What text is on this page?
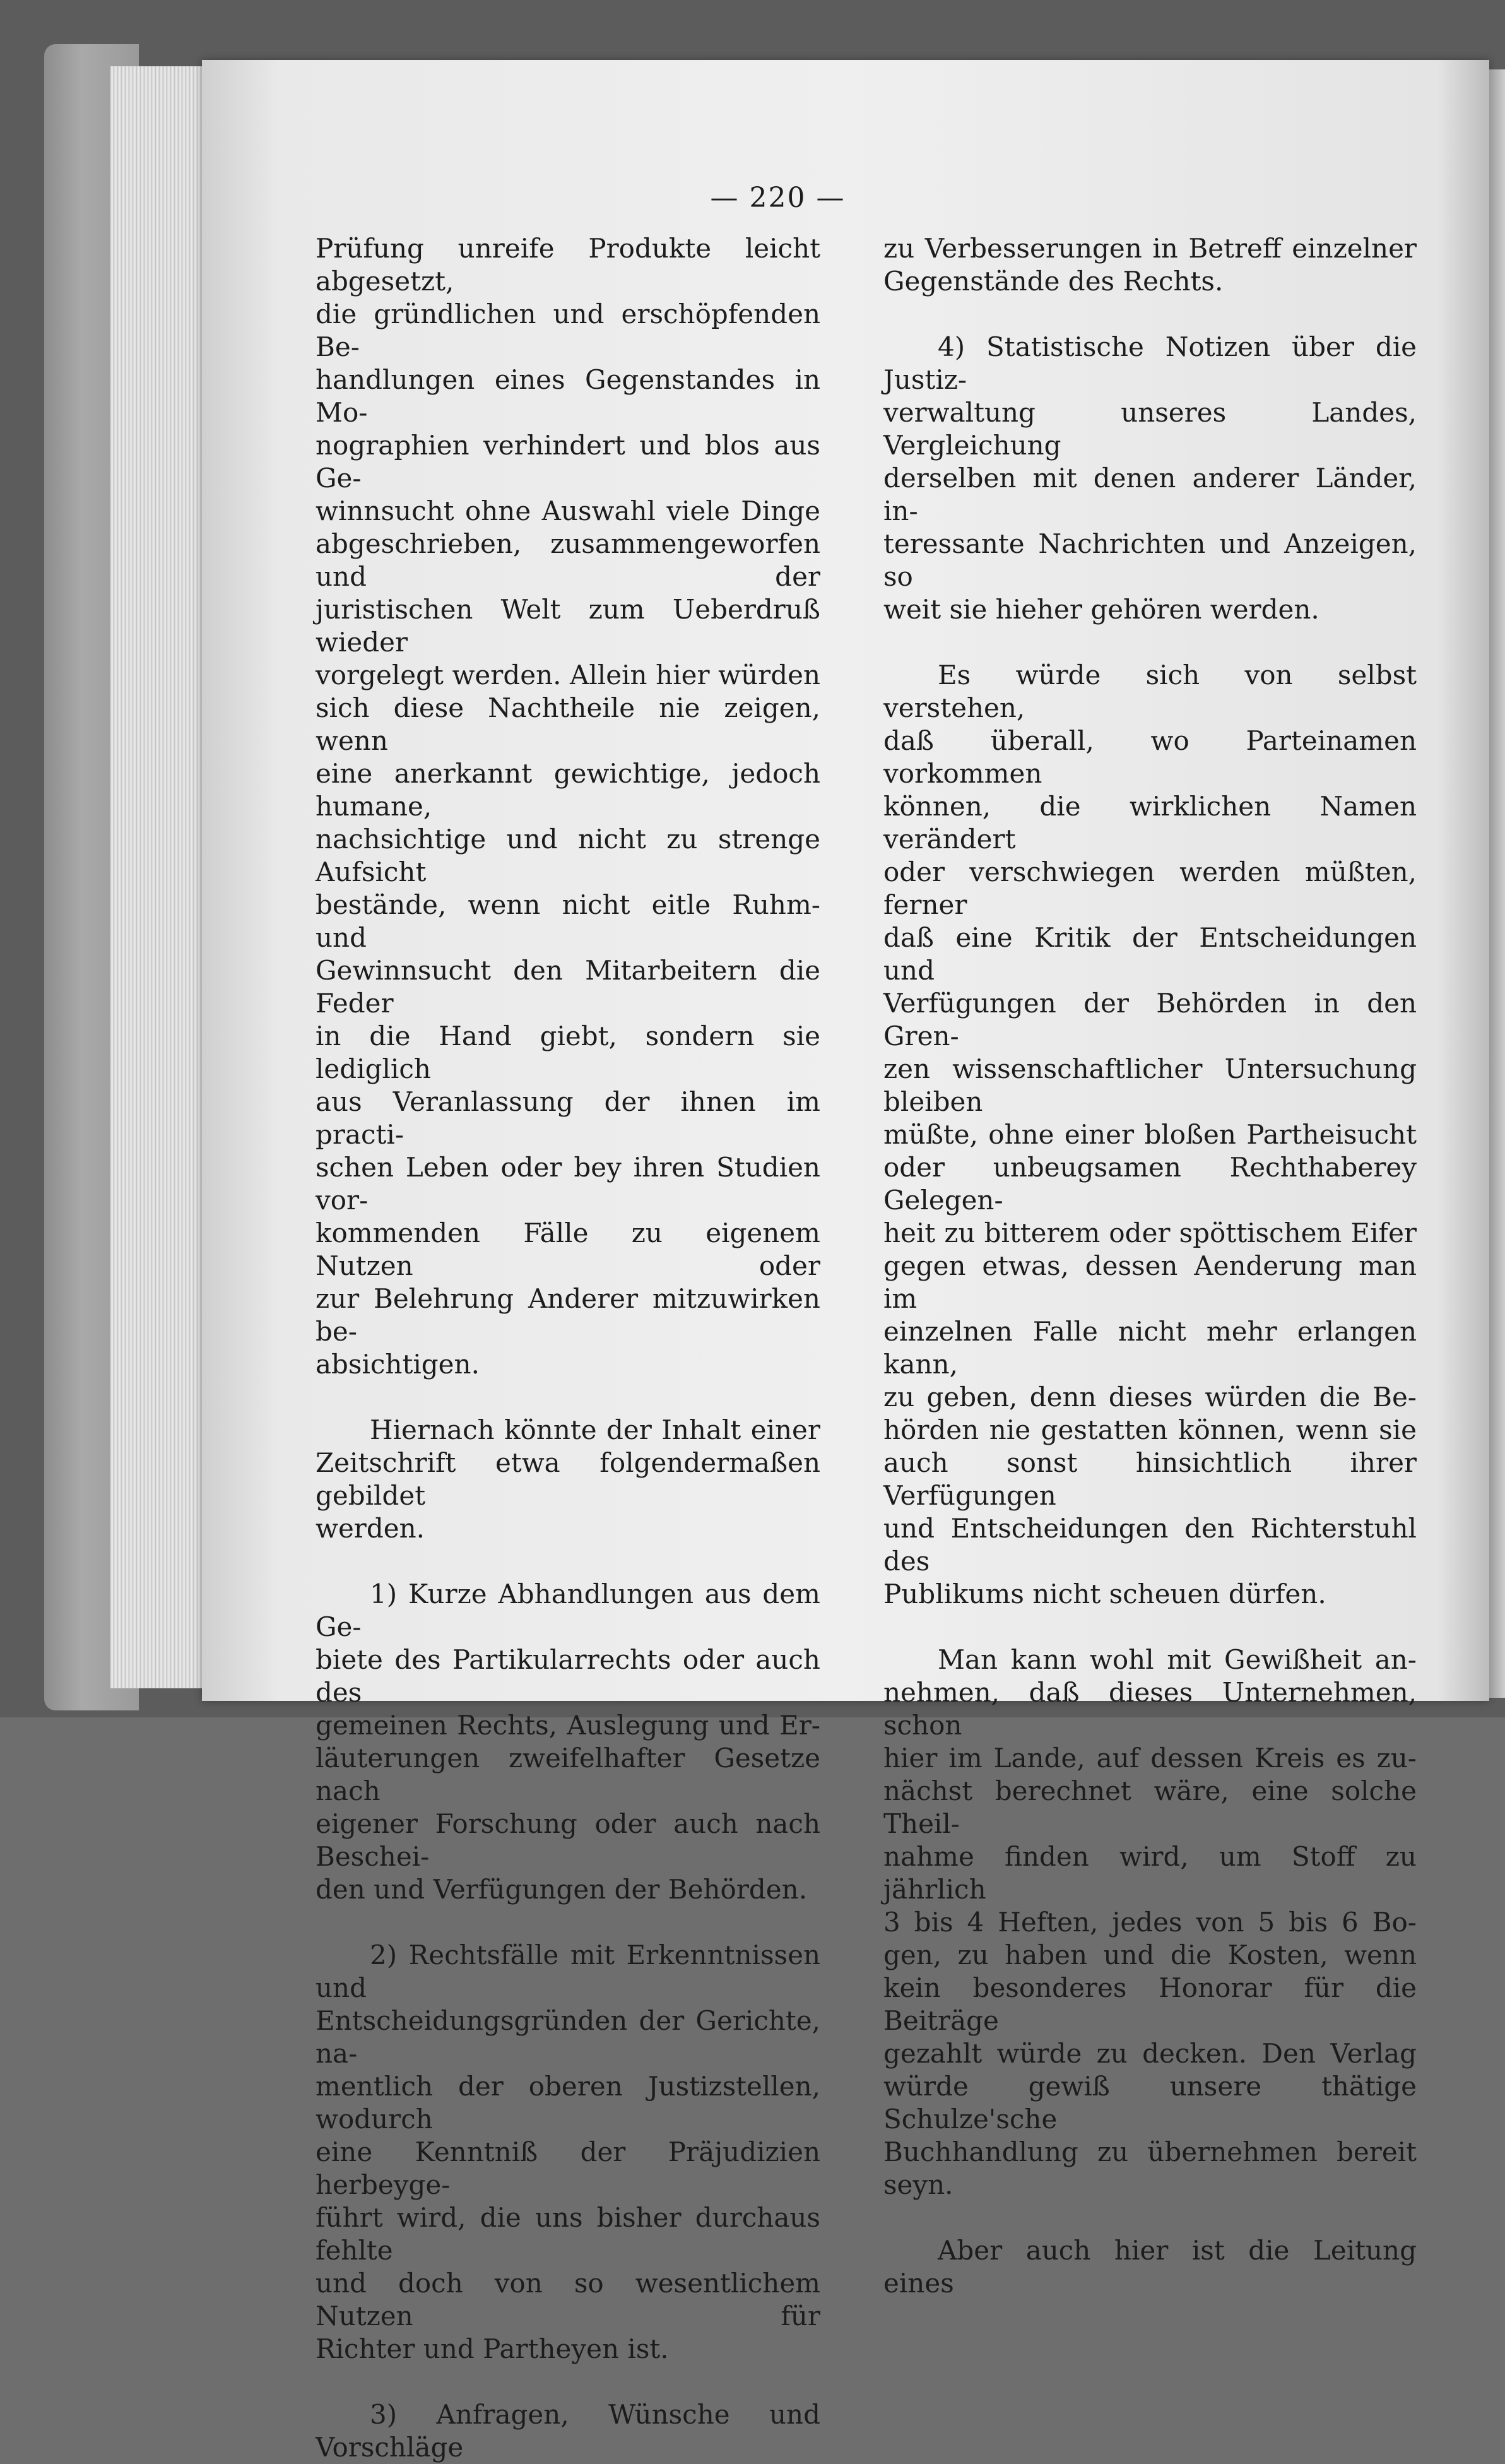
— 220 —

Prüfung unreife Produkte leicht abgesetzt,
die gründlichen und erschöpfenden Be-
handlungen eines Gegenstandes in Mo-
nographien verhindert und blos aus Ge-
winnsucht ohne Auswahl viele Dinge
abgeschrieben, zusammengeworfen und der
juristischen Welt zum Ueberdruß wieder
vorgelegt werden. Allein hier würden
sich diese Nachtheile nie zeigen, wenn
eine anerkannt gewichtige, jedoch humane,
nachsichtige und nicht zu strenge Aufsicht
bestände, wenn nicht eitle Ruhm- und
Gewinnsucht den Mitarbeitern die Feder
in die Hand giebt, sondern sie lediglich
aus Veranlassung der ihnen im practi-
schen Leben oder bey ihren Studien vor-
kommenden Fälle zu eigenem Nutzen oder
zur Belehrung Anderer mitzuwirken be-
absichtigen.

Hiernach könnte der Inhalt einer
Zeitschrift etwa folgendermaßen gebildet
werden.

1) Kurze Abhandlungen aus dem Ge-
biete des Partikularrechts oder auch des
gemeinen Rechts, Auslegung und Er-
läuterungen zweifelhafter Gesetze nach
eigener Forschung oder auch nach Beschei-
den und Verfügungen der Behörden.

2) Rechtsfälle mit Erkenntnissen und
Entscheidungsgründen der Gerichte, na-
mentlich der oberen Justizstellen, wodurch
eine Kenntniß der Präjudizien herbeyge-
führt wird, die uns bisher durchaus fehlte
und doch von so wesentlichem Nutzen für
Richter und Partheyen ist.

3) Anfragen, Wünsche und Vorschläge

zu Verbesserungen in Betreff einzelner
Gegenstände des Rechts.

4) Statistische Notizen über die Justiz-
verwaltung unseres Landes, Vergleichung
derselben mit denen anderer Länder, in-
teressante Nachrichten und Anzeigen, so
weit sie hieher gehören werden.

Es würde sich von selbst verstehen,
daß überall, wo Parteinamen vorkommen
können, die wirklichen Namen verändert
oder verschwiegen werden müßten, ferner
daß eine Kritik der Entscheidungen und
Verfügungen der Behörden in den Gren-
zen wissenschaftlicher Untersuchung bleiben
müßte, ohne einer bloßen Partheisucht
oder unbeugsamen Rechthaberey Gelegen-
heit zu bitterem oder spöttischem Eifer
gegen etwas, dessen Aenderung man im
einzelnen Falle nicht mehr erlangen kann,
zu geben, denn dieses würden die Be-
hörden nie gestatten können, wenn sie
auch sonst hinsichtlich ihrer Verfügungen
und Entscheidungen den Richterstuhl des
Publikums nicht scheuen dürfen.

Man kann wohl mit Gewißheit an-
nehmen, daß dieses Unternehmen, schon
hier im Lande, auf dessen Kreis es zu-
nächst berechnet wäre, eine solche Theil-
nahme finden wird, um Stoff zu jährlich
3 bis 4 Heften, jedes von 5 bis 6 Bo-
gen, zu haben und die Kosten, wenn
kein besonderes Honorar für die Beiträge
gezahlt würde zu decken. Den Verlag
würde gewiß unsere thätige Schulze'sche
Buchhandlung zu übernehmen bereit seyn.

Aber auch hier ist die Leitung eines
